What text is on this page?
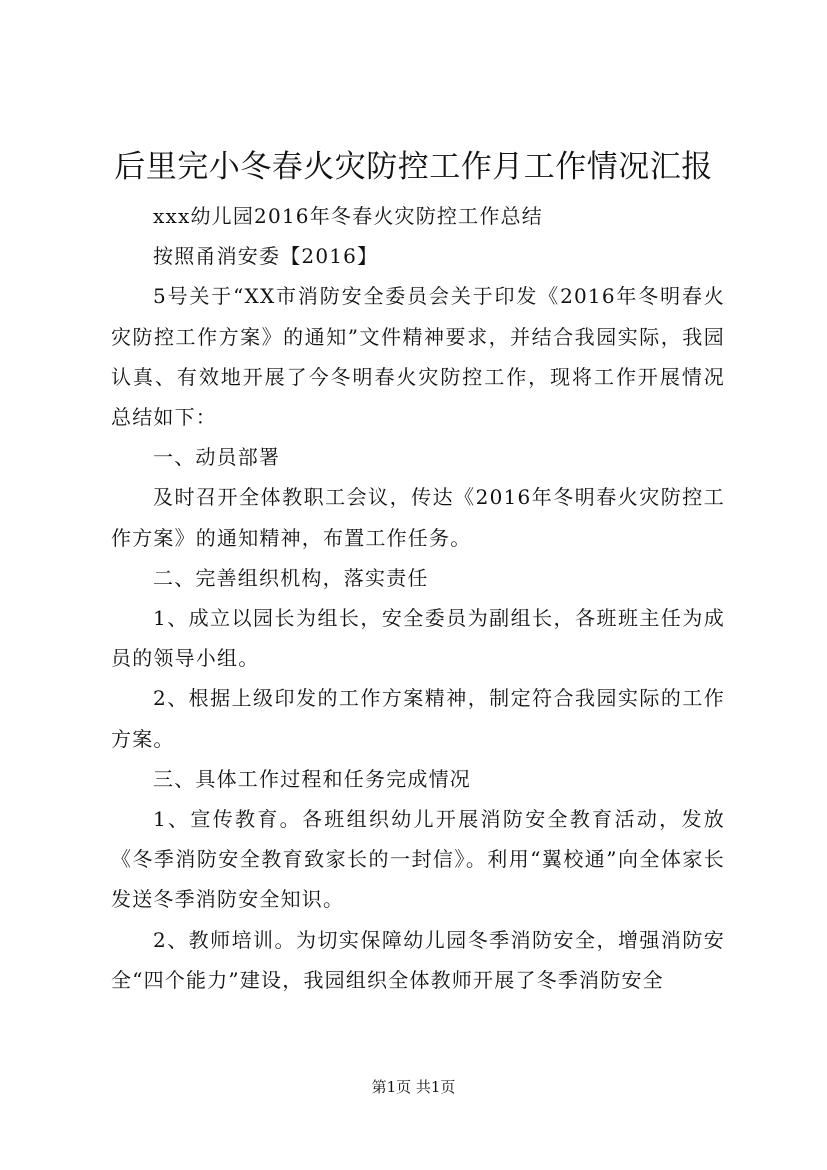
后里完小冬春火灾防控工作月工作情况汇报

xxx幼儿园2016年冬春火灾防控工作总结

按照甬消安委【2016】

5号关于“XX市消防安全委员会关于印发《2016年冬明春火灾防控工作方案》的通知”文件精神要求，并结合我园实际，我园认真、有效地开展了今冬明春火灾防控工作，现将工作开展情况总结如下：

一、动员部署

及时召开全体教职工会议，传达《2016年冬明春火灾防控工作方案》的通知精神，布置工作任务。

二、完善组织机构，落实责任

1、成立以园长为组长，安全委员为副组长，各班班主任为成员的领导小组。

2、根据上级印发的工作方案精神，制定符合我园实际的工作方案。

三、具体工作过程和任务完成情况

1、宣传教育。各班组织幼儿开展消防安全教育活动，发放《冬季消防安全教育致家长的一封信》。利用“翼校通”向全体家长发送冬季消防安全知识。

2、教师培训。为切实保障幼儿园冬季消防安全，增强消防安全“四个能力”建设，我园组织全体教师开展了冬季消防安全

第1页 共1页
